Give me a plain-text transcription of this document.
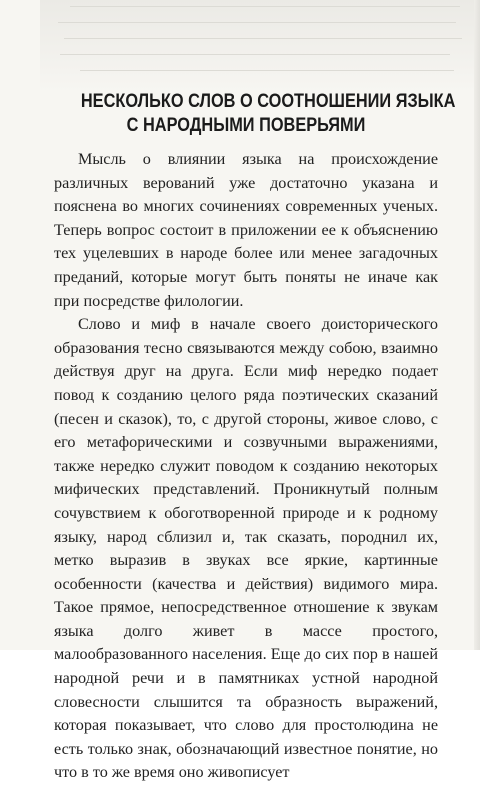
НЕСКОЛЬКО СЛОВ О СООТНОШЕНИИ ЯЗЫКА
С НАРОДНЫМИ ПОВЕРЬЯМИ

Мысль о влиянии языка на происхождение различных верований уже достаточно указана и пояснена во многих сочинениях современных ученых. Теперь вопрос состоит в приложении ее к объяснению тех уцелевших в народе более или менее загадочных преданий, которые могут быть поняты не иначе как при посредстве филологии.

Слово и миф в начале своего доисторического образования тесно связываются между собою, взаимно действуя друг на друга. Если миф нередко подает повод к созданию целого ряда поэтических сказаний (песен и сказок), то, с другой стороны, живое слово, с его метафорическими и созвучными выражениями, также нередко служит поводом к созданию некоторых мифических представлений. Проникнутый полным сочувствием к обоготворенной природе и к родному языку, народ сблизил и, так сказать, породнил их, метко выразив в звуках все яркие, картинные особенности (качества и действия) видимого мира. Такое прямое, непосредственное отношение к звукам языка долго живет в массе простого, малообразованного населения. Еще до сих пор в нашей народной речи и в памятниках устной народной словесности слышится та образность выражений, которая показывает, что слово для простолюдина не есть только знак, обозначающий известное понятие, но что в то же время оно живописует
